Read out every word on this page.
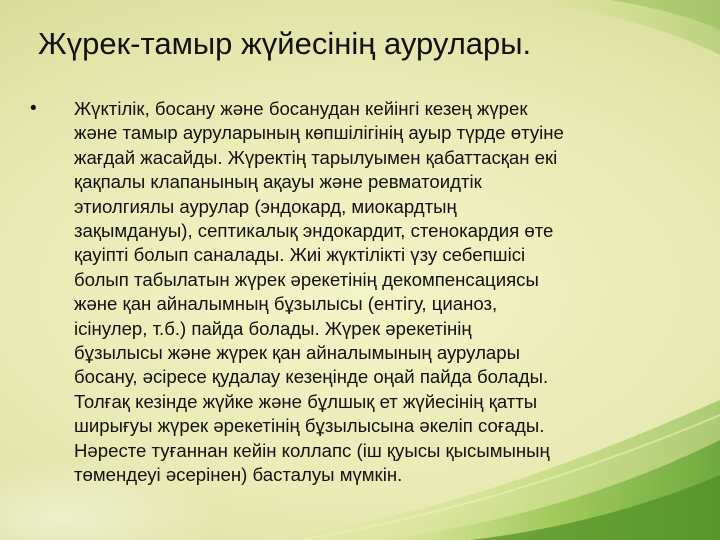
Жүрек-тамыр жүйесінің аурулары.
• Жүктілік, босану және босанудан кейінгі кезең жүрек
және тамыр ауруларының көпшілігінің ауыр түрде өтуіне
жағдай жасайды. Жүректің тарылуымен қабаттасқан екі
қақпалы клапанының ақауы және ревматоидтік
этиолгиялы аурулар (эндокард, миокардтың
зақымдануы), септикалық эндокардит, стенокардия өте
қауіпті болып саналады. Жиі жүктілікті үзу себепшісі
болып табылатын жүрек әрекетінің декомпенсациясы
және қан айналымның бұзылысы (ентігу, цианоз,
ісінулер, т.б.) пайда болады. Жүрек әрекетінің
бұзылысы және жүрек қан айналымының аурулары
босану, әсіресе қудалау кезеңінде оңай пайда болады.
Толғақ кезінде жүйке және бұлшық ет жүйесінің қатты
ширығуы жүрек әрекетінің бұзылысына әкеліп соғады.
Нәресте туғаннан кейін коллапс (іш қуысы қысымының
төмендеуі әсерінен) басталуы мүмкін.
